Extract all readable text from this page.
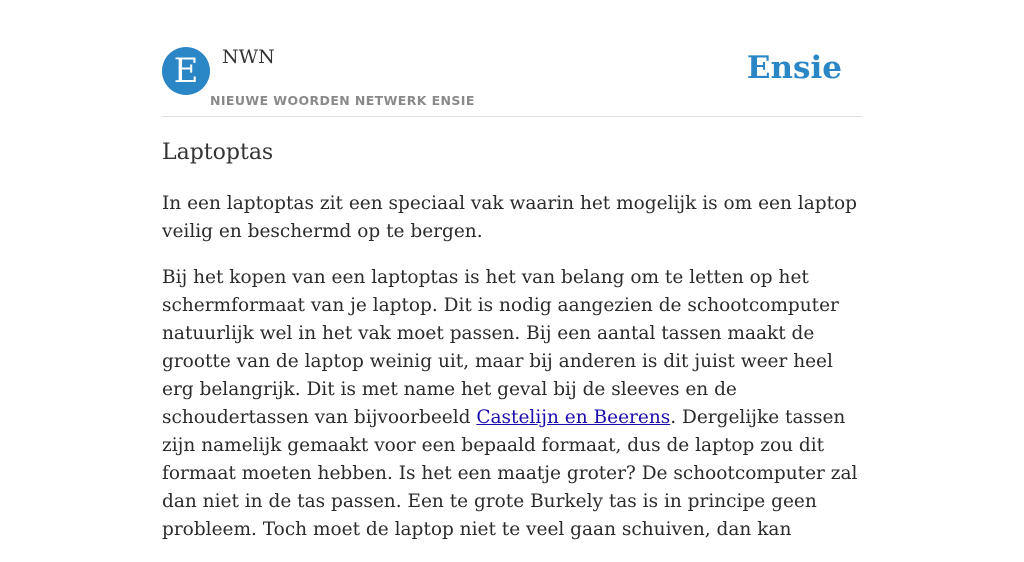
E	NWN
NIEUWE WOORDEN NETWERK ENSIE
Ensie
Laptoptas

In een laptoptas zit een speciaal vak waarin het mogelijk is om een laptop veilig en beschermd op te bergen.

Bij het kopen van een laptoptas is het van belang om te letten op het schermformaat van je laptop. Dit is nodig aangezien de schootcomputer natuurlijk wel in het vak moet passen. Bij een aantal tassen maakt de grootte van de laptop weinig uit, maar bij anderen is dit juist weer heel erg belangrijk. Dit is met name het geval bij de sleeves en de schoudertassen van bijvoorbeeld Castelijn en Beerens. Dergelijke tassen zijn namelijk gemaakt voor een bepaald formaat, dus de laptop zou dit formaat moeten hebben. Is het een maatje groter? De schootcomputer zal dan niet in de tas passen. Een te grote Burkely tas is in principe geen probleem. Toch moet de laptop niet te veel gaan schuiven, dan kan
